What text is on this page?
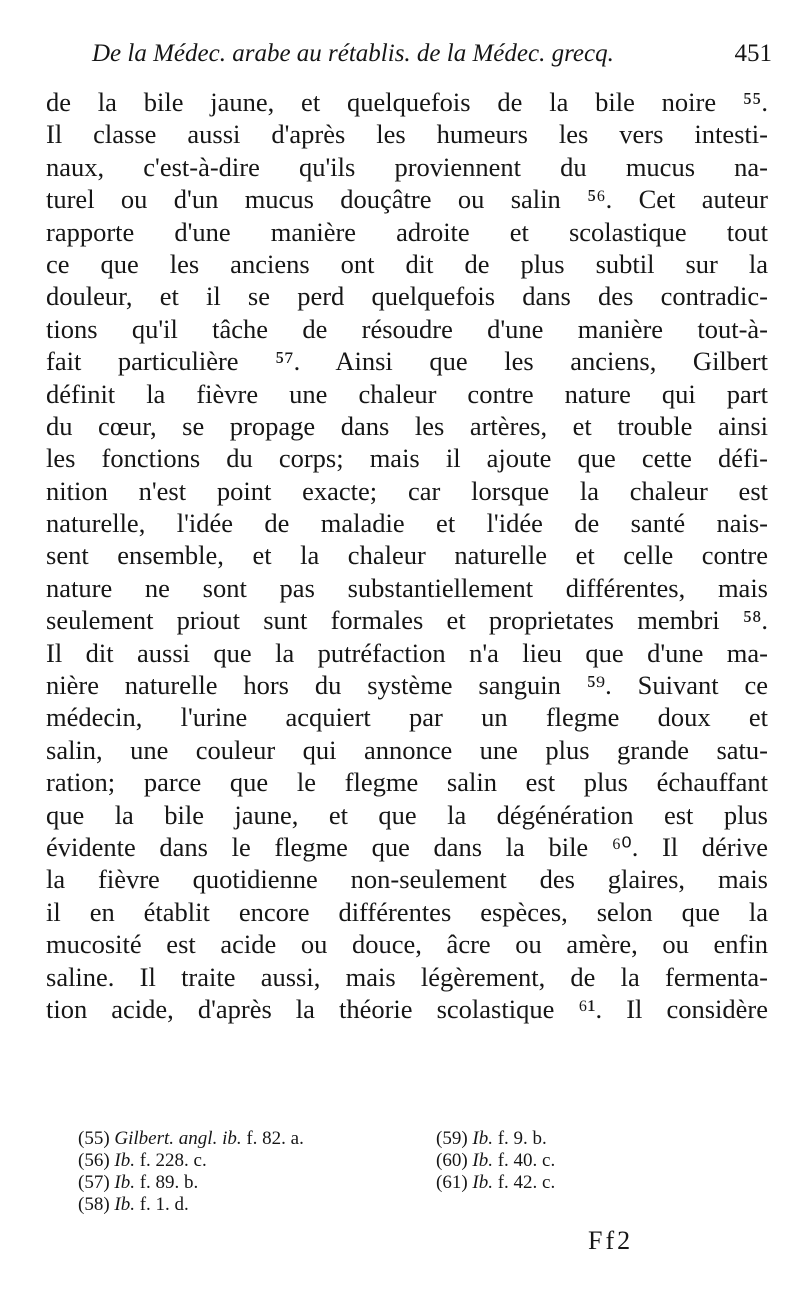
De la Médec. arabe au rétablis. de la Médec. grecq.	451
de la bile jaune, et quelquefois de la bile noire ⁵⁵.
Il classe aussi d'après les humeurs les vers intesti-
naux, c'est-à-dire qu'ils proviennent du mucus na-
turel ou d'un mucus douçâtre ou salin ⁵⁶. Cet auteur
rapporte d'une manière adroite et scolastique tout
ce que les anciens ont dit de plus subtil sur la
douleur, et il se perd quelquefois dans des contradic-
tions qu'il tâche de résoudre d'une manière tout-à-
fait particulière ⁵⁷. Ainsi que les anciens, Gilbert
définit la fièvre une chaleur contre nature qui part
du cœur, se propage dans les artères, et trouble ainsi
les fonctions du corps; mais il ajoute que cette défi-
nition n'est point exacte; car lorsque la chaleur est
naturelle, l'idée de maladie et l'idée de santé nais-
sent ensemble, et la chaleur naturelle et celle contre
nature ne sont pas substantiellement différentes, mais
seulement priout sunt formales et proprietates membri ⁵⁸.
Il dit aussi que la putréfaction n'a lieu que d'une ma-
nière naturelle hors du système sanguin ⁵⁹. Suivant ce
médecin, l'urine acquiert par un flegme doux et
salin, une couleur qui annonce une plus grande satu-
ration; parce que le flegme salin est plus échauffant
que la bile jaune, et que la dégénération est plus
évidente dans le flegme que dans la bile ⁶⁰. Il dérive
la fièvre quotidienne non-seulement des glaires, mais
il en établit encore différentes espèces, selon que la
mucosité est acide ou douce, âcre ou amère, ou enfin
saline. Il traite aussi, mais légèrement, de la fermenta-
tion acide, d'après la théorie scolastique ⁶¹. Il considère
(55) Gilbert. angl. ib. f. 82. a.
(56) Ib. f. 228. c.
(57) Ib. f. 89. b.
(58) Ib. f. 1. d.
(59) Ib. f. 9. b.
(60) Ib. f. 40. c.
(61) Ib. f. 42. c.
Ff2
